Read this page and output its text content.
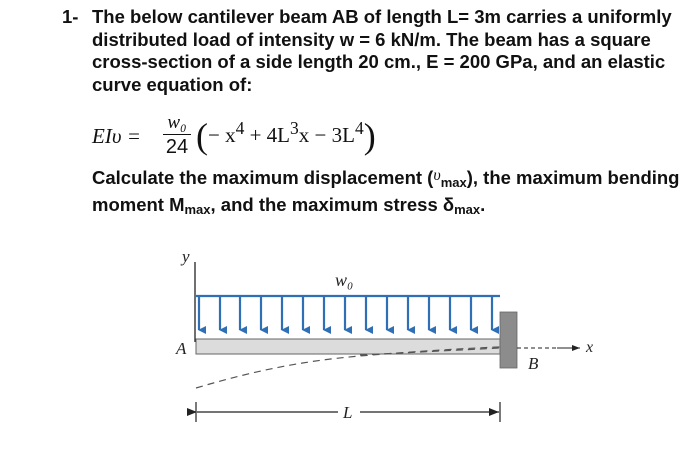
1- The below cantilever beam AB of length L= 3m carries a uniformly distributed load of intensity w = 6 kN/m. The beam has a square cross-section of a side length 20 cm., E = 200 GPa, and an elastic curve equation of:
EIυ =
w₀
24 (− $x^4 + 4L^3x - 3L^4$)
Calculate the maximum displacement $(\upsilon_{max})$, the maximum bending moment $M_{max}$, and the maximum stress $\delta_{max}$.
y
w₀
A	x
B
L
